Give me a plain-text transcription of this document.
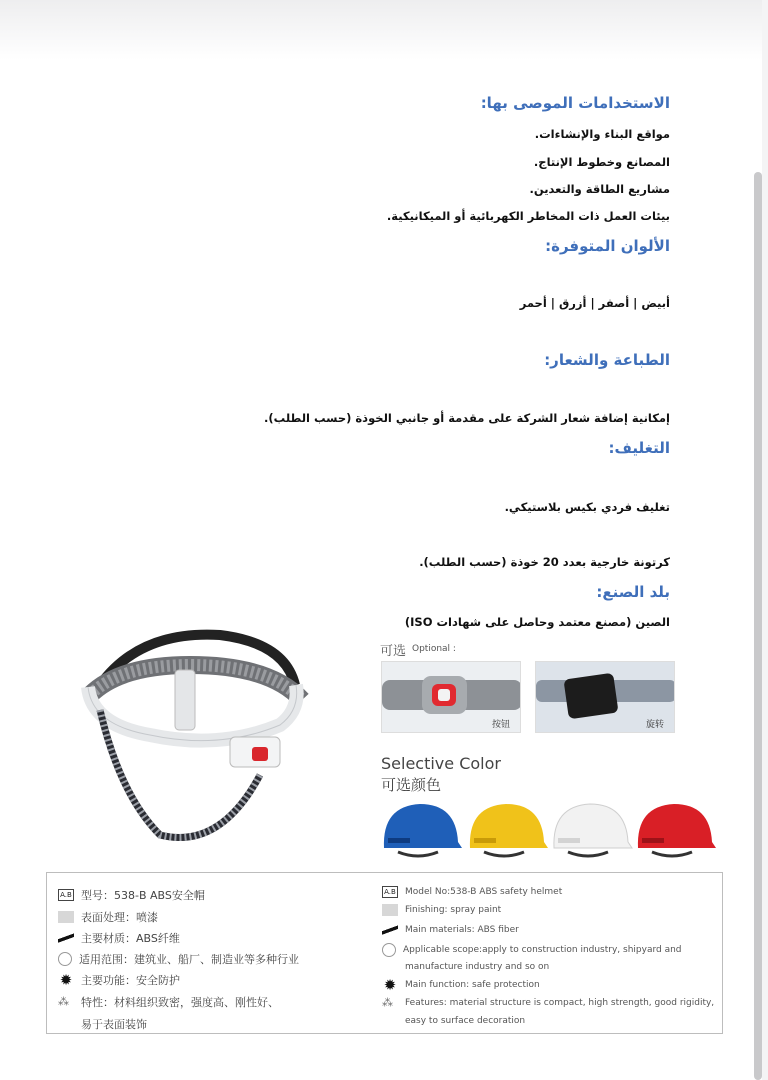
الاستخدامات الموصى بها:
مواقع البناء والإنشاءات.
المصانع وخطوط الإنتاج.
مشاريع الطاقة والتعدين.
بيئات العمل ذات المخاطر الكهربائية أو الميكانيكية.
الألوان المتوفرة:
أبيض | أصفر | أزرق | أحمر
الطباعة والشعار:
إمكانية إضافة شعار الشركة على مقدمة أو جانبي الخوذة (حسب الطلب).
التغليف:
تغليف فردي بكيس بلاستيكي.
كرتونة خارجية بعدد 20 خوذة (حسب الطلب).
بلد الصنع:
الصين (مصنع معتمد وحاصل على شهادات ISO)
可选 Optional :
按钮	旋转
Selective Color
可选颜色
A.B 型号：538-B ABS安全帽
表面处理：喷漆
主要材质：ABS纤维
适用范围：建筑业、船厂、制造业等多种行业
✹ 主要功能：安全防护
⁂	特性：材料组织致密，强度高、刚性好、
易于表面装饰
A.B Model No:538-B ABS safety helmet
Finishing: spray paint
Main materials: ABS fiber
Applicable scope:apply to construction industry, shipyard and
manufacture industry and so on
✹ Main function: safe protection
⁂	Features: material structure is compact, high strength, good rigidity,
easy to surface decoration
